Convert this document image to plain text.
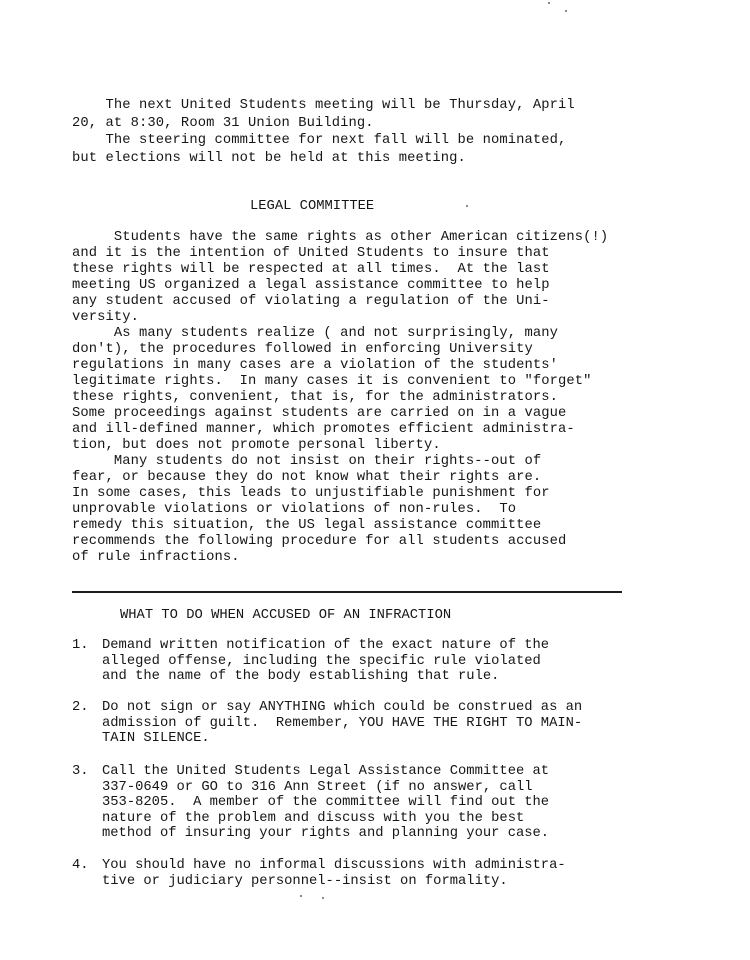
The next United Students meeting will be Thursday, April
20, at 8:30, Room 31 Union Building.
The steering committee for next fall will be nominated,
but elections will not be held at this meeting.
LEGAL COMMITTEE
Students have the same rights as other American citizens(!)
and it is the intention of United Students to insure that
these rights will be respected at all times.  At the last
meeting US organized a legal assistance committee to help
any student accused of violating a regulation of the Uni-
versity.
As many students realize ( and not surprisingly, many
don't), the procedures followed in enforcing University
regulations in many cases are a violation of the students'
legitimate rights.  In many cases it is convenient to "forget"
these rights, convenient, that is, for the administrators.
Some proceedings against students are carried on in a vague
and ill-defined manner, which promotes efficient administra-
tion, but does not promote personal liberty.
Many students do not insist on their rights--out of
fear, or because they do not know what their rights are.
In some cases, this leads to unjustifiable punishment for
unprovable violations or violations of non-rules.  To
remedy this situation, the US legal assistance committee
recommends the following procedure for all students accused
of rule infractions.
WHAT TO DO WHEN ACCUSED OF AN INFRACTION
1. Demand written notification of the exact nature of the
alleged offense, including the specific rule violated
and the name of the body establishing that rule.
2. Do not sign or say ANYTHING which could be construed as an
admission of guilt.  Remember, YOU HAVE THE RIGHT TO MAIN-
TAIN SILENCE.
3. Call the United Students Legal Assistance Committee at
337-0649 or GO to 316 Ann Street (if no answer, call
353-8205.  A member of the committee will find out the
nature of the problem and discuss with you the best
method of insuring your rights and planning your case.
4. You should have no informal discussions with administra-
tive or judiciary personnel--insist on formality.
